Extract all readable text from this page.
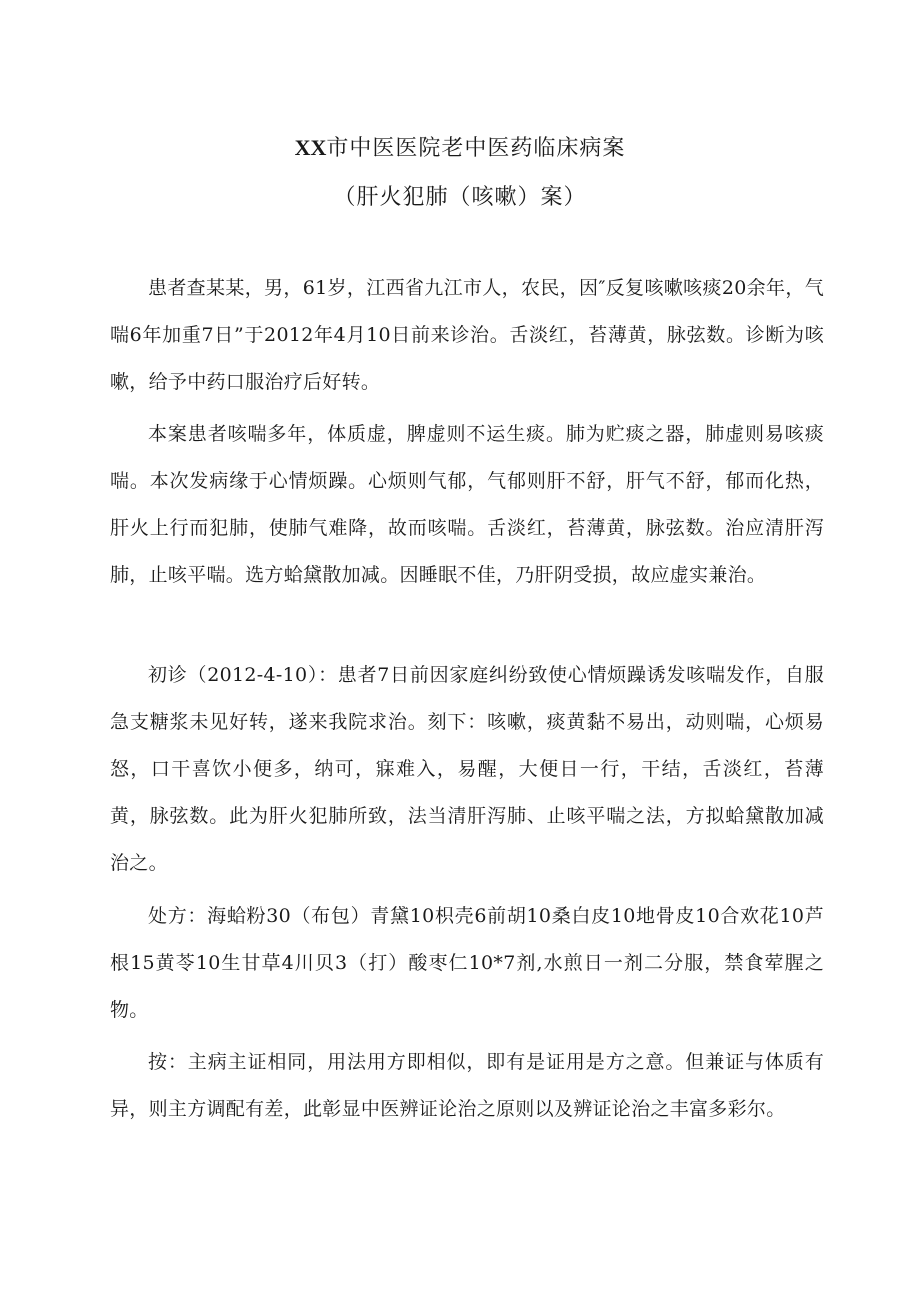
XX市中医医院老中医药临床病案
（肝火犯肺（咳嗽）案）

患者查某某，男，61岁，江西省九江市人，农民，因″反复咳嗽咳痰20余年，气喘6年加重7日”于2012年4月10日前来诊治。舌淡红，苔薄黄，脉弦数。诊断为咳嗽，给予中药口服治疗后好转。

本案患者咳喘多年，体质虚，脾虚则不运生痰。肺为贮痰之器，肺虚则易咳痰喘。本次发病缘于心情烦躁。心烦则气郁，气郁则肝不舒，肝气不舒，郁而化热，肝火上行而犯肺，使肺气难降，故而咳喘。舌淡红，苔薄黄，脉弦数。治应清肝泻肺，止咳平喘。选方蛤黛散加减。因睡眠不佳，乃肝阴受损，故应虚实兼治。

初诊（2012-4-10）：患者7日前因家庭纠纷致使心情烦躁诱发咳喘发作，自服急支糖浆未见好转，遂来我院求治。刻下：咳嗽，痰黄黏不易出，动则喘，心烦易怒，口干喜饮小便多，纳可，寐难入，易醒，大便日一行，干结，舌淡红，苔薄黄，脉弦数。此为肝火犯肺所致，法当清肝泻肺、止咳平喘之法，方拟蛤黛散加减治之。

处方：海蛤粉30（布包）青黛10枳壳6前胡10桑白皮10地骨皮10合欢花10芦根15黄苓10生甘草4川贝3（打）酸枣仁10*7剂,水煎日一剂二分服，禁食荤腥之物。

按：主病主证相同，用法用方即相似，即有是证用是方之意。但兼证与体质有异，则主方调配有差，此彰显中医辨证论治之原则以及辨证论治之丰富多彩尔。
